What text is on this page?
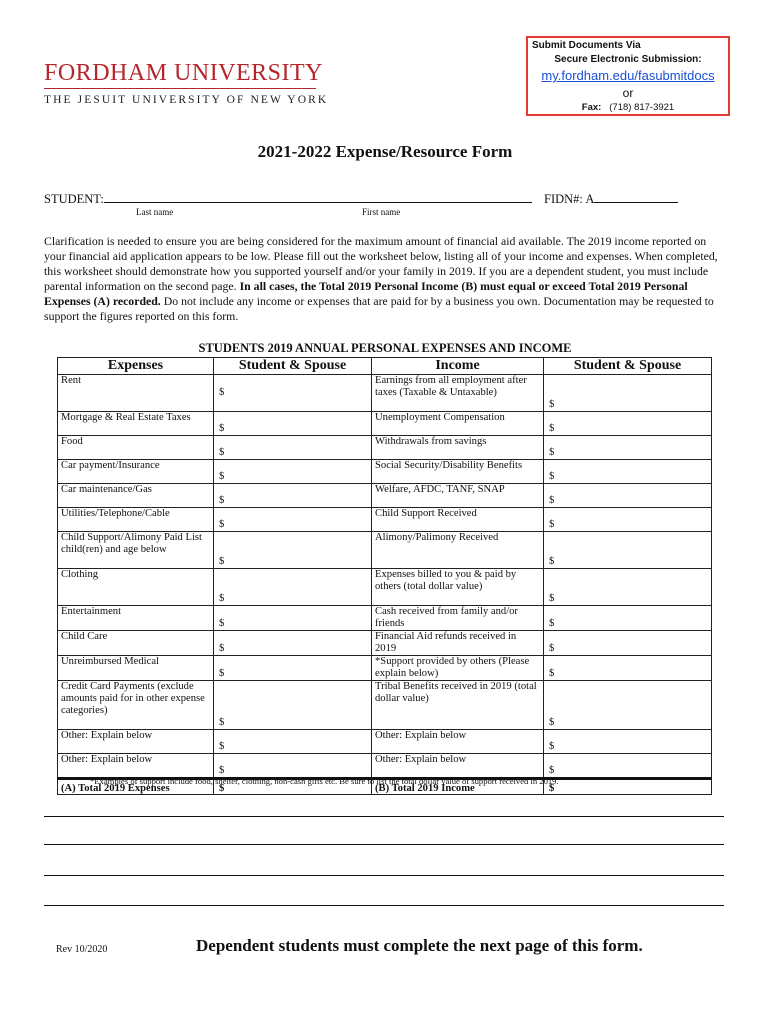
FORDHAM UNIVERSITY
THE JESUIT UNIVERSITY OF NEW YORK
Submit Documents Via
Secure Electronic Submission:
my.fordham.edu/fasubmitdocs
or
Fax: (718) 817-3921
2021-2022 Expense/Resource Form
STUDENT:	FIDN#: A
Last name	First name
Clarification is needed to ensure you are being considered for the maximum amount of financial aid available. The 2019 income reported on your financial aid application appears to be low. Please fill out the worksheet below, listing all of your income and expenses. When completed, this worksheet should demonstrate how you supported yourself and/or your family in 2019. If you are a dependent student, you must include parental information on the second page. In all cases, the Total 2019 Personal Income (B) must equal or exceed Total 2019 Personal Expenses (A) recorded. Do not include any income or expenses that are paid for by a business you own. Documentation may be requested to support the figures reported on this form.
STUDENTS 2019 ANNUAL PERSONAL EXPENSES AND INCOME
Expenses	Student & Spouse	Income	Student & Spouse
Rent	$	Earnings from all employment after taxes (Taxable & Untaxable)	$
Mortgage & Real Estate Taxes	$	Unemployment Compensation	$
Food	$	Withdrawals from savings	$
Car payment/Insurance	$	Social Security/Disability Benefits	$
Car maintenance/Gas	$	Welfare, AFDC, TANF, SNAP	$
Utilities/Telephone/Cable	$	Child Support Received	$
Child Support/Alimony Paid List child(ren) and age below	$	Alimony/Palimony Received	$
Clothing	$	Expenses billed to you & paid by others (total dollar value)	$
Entertainment	$	Cash received from family and/or friends	$
Child Care	$	Financial Aid refunds received in 2019	$
Unreimbursed Medical	$	*Support provided by others (Please explain below)	$
Credit Card Payments (exclude amounts paid for in other expense categories)	$	Tribal Benefits received in 2019 (total dollar value)	$
Other: Explain below	$	Other: Explain below	$
Other: Explain below	$	Other: Explain below	$
(A) Total 2019 Expenses	$	(B) Total 2019 Income	$
*Examples of support include food, shelter, clothing, non-cash gifts etc. Be sure to list the total dollar value of support received in 2019.
Rev 10/2020	Dependent students must complete the next page of this form.
